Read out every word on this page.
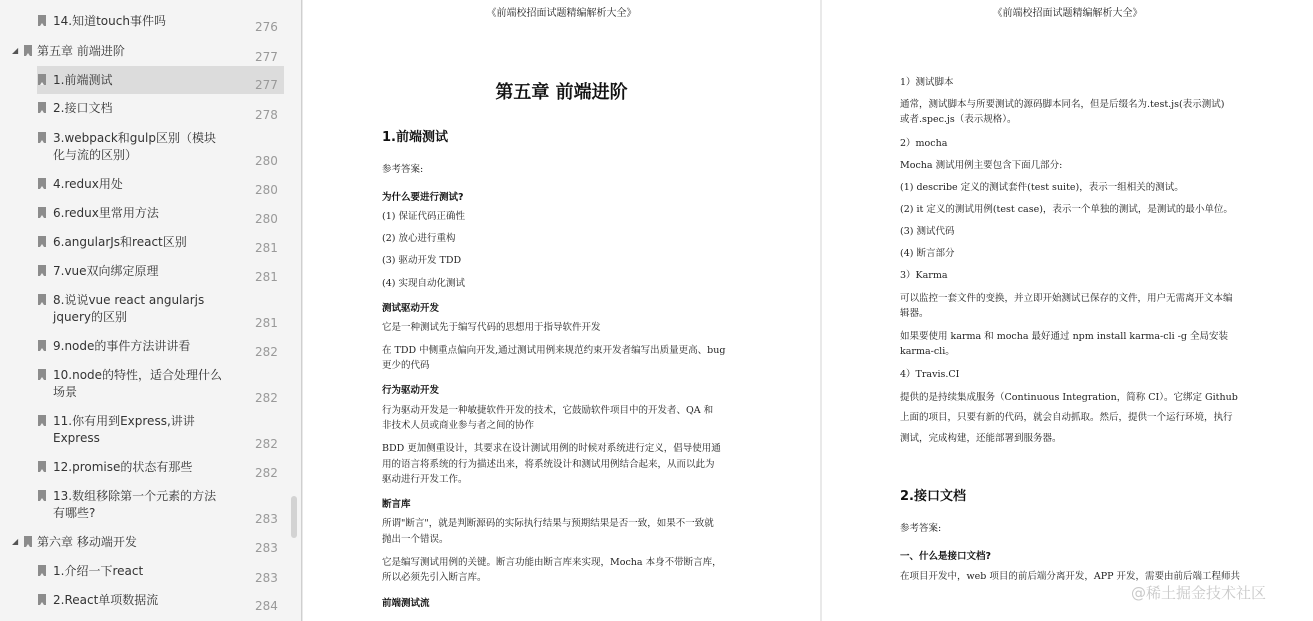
14.知道touch事件吗	276
◢ 第五章 前端进阶	277
1.前端测试	277
2.接口文档	278
3.webpack和gulp区别（模块化与流的区别）	280
4.redux用处	280
6.redux里常用方法	280
6.angularJs和react区别	281
7.vue双向绑定原理	281
8.说说vue react angularjs jquery的区别	281
9.node的事件方法讲讲看	282
10.node的特性，适合处理什么场景	282
11.你有用到Express,讲讲Express	282
12.promise的状态有那些	282
13.数组移除第一个元素的方法有哪些?	283
◢ 第六章 移动端开发	283
1.介绍一下react	283
2.React单项数据流	284
《前端校招面试题精编解析大全》
第五章 前端进阶
1.前端测试
参考答案:
为什么要进行测试?
(1) 保证代码正确性
(2) 放心进行重构
(3) 驱动开发 TDD
(4) 实现自动化测试
测试驱动开发
它是一种测试先于编写代码的思想用于指导软件开发
在 TDD 中侧重点偏向开发,通过测试用例来规范约束开发者编写出质量更高、bug
更少的代码
行为驱动开发
行为驱动开发是一种敏捷软件开发的技术，它鼓励软件项目中的开发者、QA 和
非技术人员或商业参与者之间的协作
BDD 更加侧重设计，其要求在设计测试用例的时候对系统进行定义，倡导使用通
用的语言将系统的行为描述出来，将系统设计和测试用例结合起来，从而以此为
驱动进行开发工作。
断言库
所谓"断言"，就是判断源码的实际执行结果与预期结果是否一致，如果不一致就
抛出一个错误。
它是编写测试用例的关键。断言功能由断言库来实现，Mocha 本身不带断言库，
所以必须先引入断言库。
前端测试流
《前端校招面试题精编解析大全》
1）测试脚本
通常，测试脚本与所要测试的源码脚本同名，但是后缀名为.test.js(表示测试)
或者.spec.js（表示规格）。
2）mocha
Mocha 测试用例主要包含下面几部分:
(1) describe 定义的测试套件(test suite)，表示一组相关的测试。
(2) it 定义的测试用例(test case)，表示一个单独的测试，是测试的最小单位。
(3) 测试代码
(4) 断言部分
3）Karma
可以监控一套文件的变换，并立即开始测试已保存的文件，用户无需离开文本编
辑器。
如果要使用 karma 和 mocha 最好通过 npm install karma-cli -g 全局安装
karma-cli。
4）Travis.CI
提供的是持续集成服务（Continuous Integration，简称 CI）。它绑定 Github
上面的项目，只要有新的代码，就会自动抓取。然后，提供一个运行环境，执行
测试，完成构建，还能部署到服务器。
2.接口文档
参考答案:
一、什么是接口文档?
在项目开发中，web 项目的前后端分离开发，APP 开发，需要由前后端工程师共
@稀土掘金技术社区
